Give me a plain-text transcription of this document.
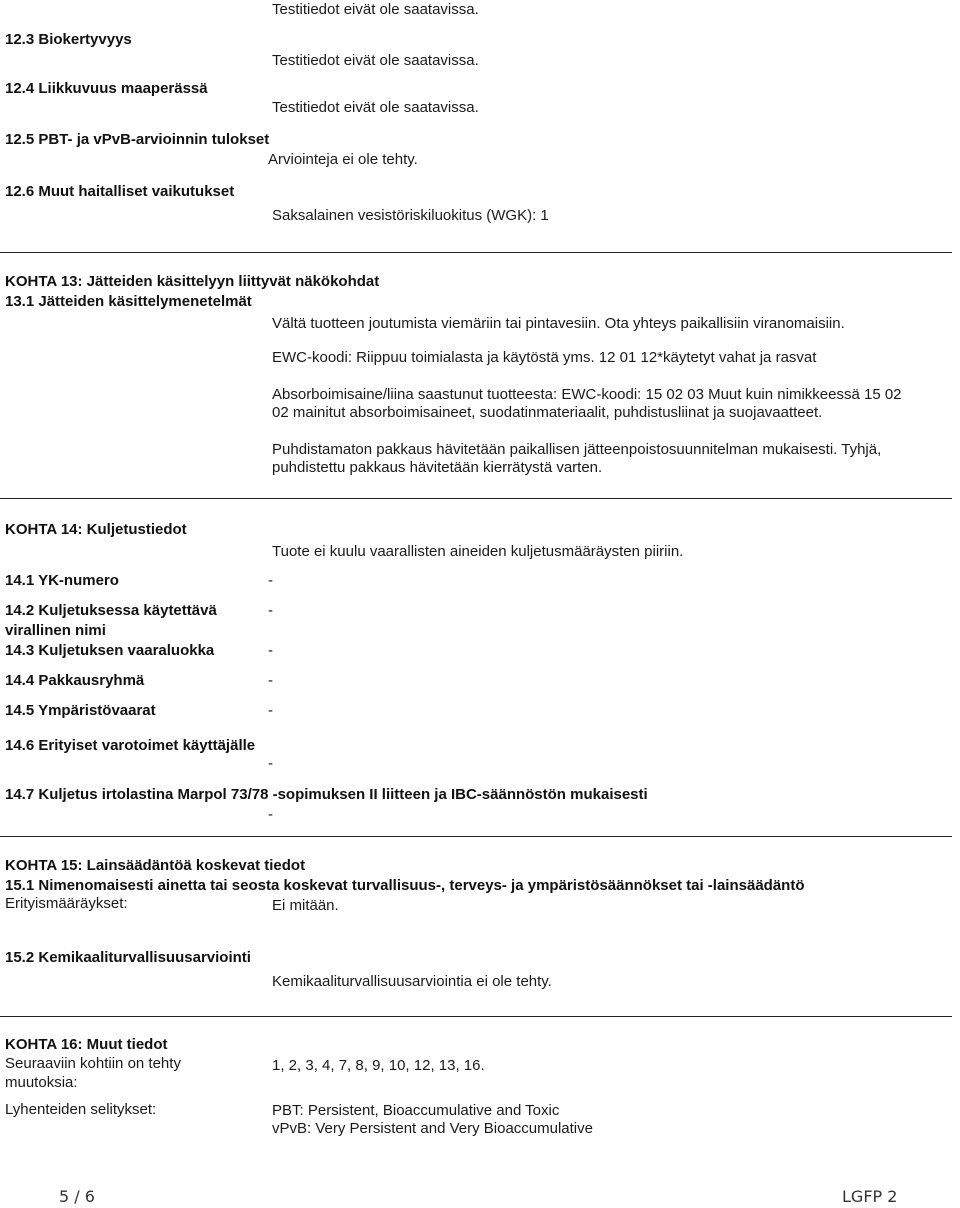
Testitiedot eivät ole saatavissa.
12.3 Biokertyvyys
Testitiedot eivät ole saatavissa.
12.4 Liikkuvuus maaperässä
Testitiedot eivät ole saatavissa.
12.5 PBT- ja vPvB-arvioinnin tulokset
Arviointeja ei ole tehty.
12.6 Muut haitalliset vaikutukset
Saksalainen vesistöriskiluokitus (WGK): 1
KOHTA 13: Jätteiden käsittelyyn liittyvät näkökohdat
13.1 Jätteiden käsittelymenetelmät
Vältä tuotteen joutumista viemäriin tai pintavesiin. Ota yhteys paikallisiin viranomaisiin.
EWC-koodi: Riippuu toimialasta ja käytöstä yms. 12 01 12*käytetyt vahat ja rasvat
Absorboimisaine/liina saastunut tuotteesta: EWC-koodi: 15 02 03 Muut kuin nimikkeessä 15 02
02 mainitut absorboimisaineet, suodatinmateriaalit, puhdistusliinat ja suojavaatteet.
Puhdistamaton pakkaus hävitetään paikallisen jätteenpoistosuunnitelman mukaisesti. Tyhjä,
puhdistettu pakkaus hävitetään kierrätystä varten.
KOHTA 14: Kuljetustiedot
Tuote ei kuulu vaarallisten aineiden kuljetusmääräysten piiriin.
14.1 YK-numero	-
14.2 Kuljetuksessa käytettävä
virallinen nimi
-
14.3 Kuljetuksen vaaraluokka	-
14.4 Pakkausryhmä	-
14.5 Ympäristövaarat	-
14.6 Erityiset varotoimet käyttäjälle
-
14.7 Kuljetus irtolastina Marpol 73/78 -sopimuksen II liitteen ja IBC-säännöstön mukaisesti
-
KOHTA 15: Lainsäädäntöä koskevat tiedot
15.1 Nimenomaisesti ainetta tai seosta koskevat turvallisuus-, terveys- ja ympäristösäännökset tai -lainsäädäntö
Erityismääräykset:	Ei mitään.
15.2 Kemikaaliturvallisuusarviointi
Kemikaaliturvallisuusarviointia ei ole tehty.
KOHTA 16: Muut tiedot
Seuraaviin kohtiin on tehty
muutoksia:
1, 2, 3, 4, 7, 8, 9, 10, 12, 13, 16.
Lyhenteiden selitykset:	PBT: Persistent, Bioaccumulative and Toxic
vPvB: Very Persistent and Very Bioaccumulative
5 / 6	LGFP 2
